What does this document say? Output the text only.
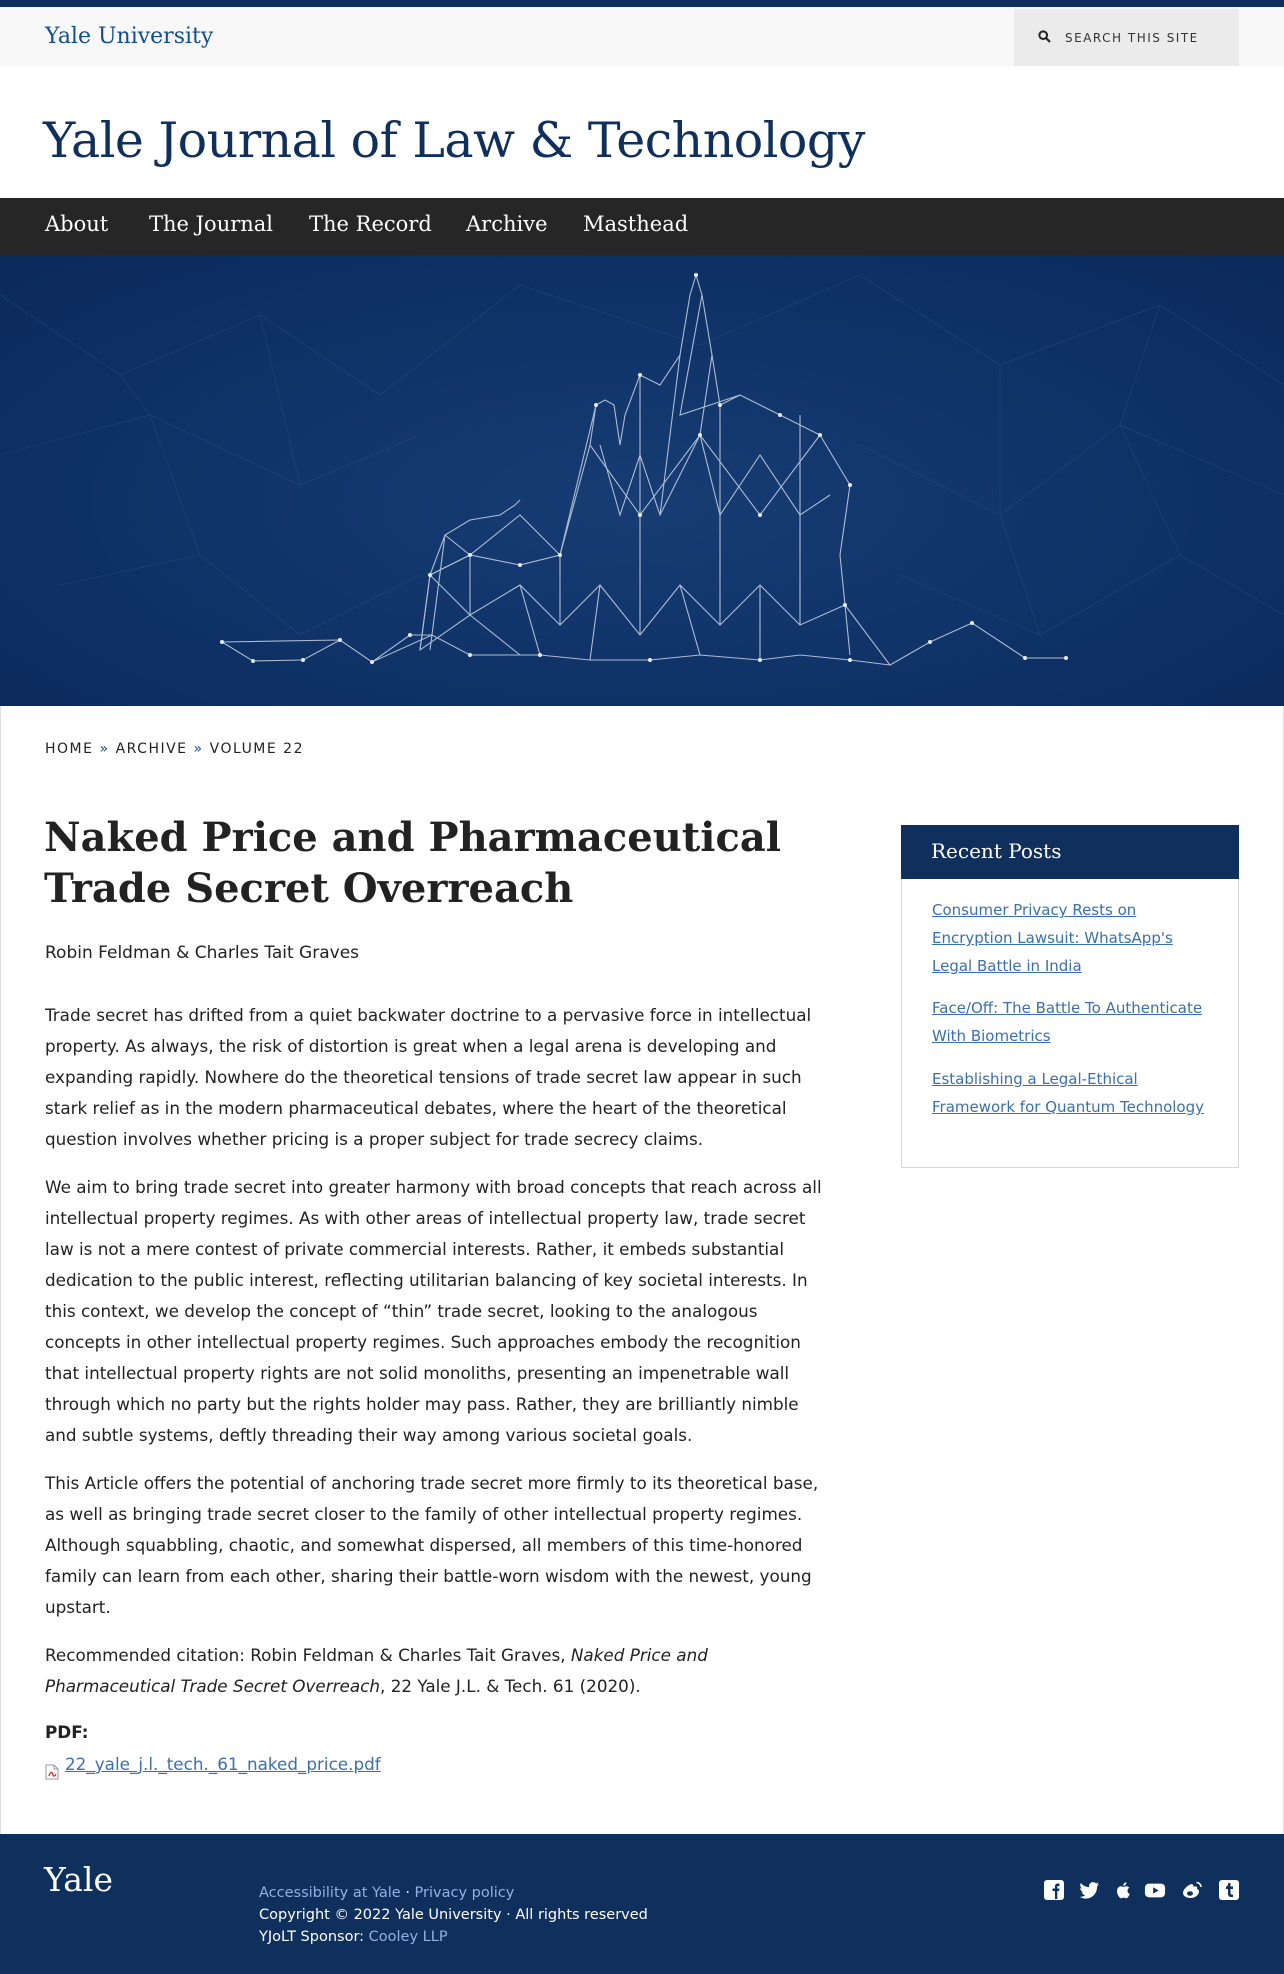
Yale University	SEARCH THIS SITE
Yale Journal of Law & Technology
About The Journal The Record Archive Masthead
HOME » ARCHIVE » VOLUME 22
Naked Price and Pharmaceutical Trade Secret Overreach
Robin Feldman & Charles Tait Graves

Trade secret has drifted from a quiet backwater doctrine to a pervasive force in intellectual property. As always, the risk of distortion is great when a legal arena is developing and expanding rapidly. Nowhere do the theoretical tensions of trade secret law appear in such stark relief as in the modern pharmaceutical debates, where the heart of the theoretical question involves whether pricing is a proper subject for trade secrecy claims.

We aim to bring trade secret into greater harmony with broad concepts that reach across all intellectual property regimes. As with other areas of intellectual property law, trade secret law is not a mere contest of private commercial interests. Rather, it embeds substantial dedication to the public interest, reflecting utilitarian balancing of key societal interests. In this context, we develop the concept of “thin” trade secret, looking to the analogous concepts in other intellectual property regimes. Such approaches embody the recognition that intellectual property rights are not solid monoliths, presenting an impenetrable wall through which no party but the rights holder may pass. Rather, they are brilliantly nimble and subtle systems, deftly threading their way among various societal goals.

This Article offers the potential of anchoring trade secret more firmly to its theoretical base, as well as bringing trade secret closer to the family of other intellectual property regimes. Although squabbling, chaotic, and somewhat dispersed, all members of this time-honored family can learn from each other, sharing their battle-worn wisdom with the newest, young upstart.

Recommended citation: Robin Feldman & Charles Tait Graves, Naked Price and Pharmaceutical Trade Secret Overreach, 22 Yale J.L. & Tech. 61 (2020).

PDF:
22_yale_j.l._tech._61_naked_price.pdf
Recent Posts
Consumer Privacy Rests on Encryption Lawsuit: WhatsApp's Legal Battle in India
Face/Off: The Battle To Authenticate With Biometrics
Establishing a Legal-Ethical Framework for Quantum Technology
Yale	Accessibility at Yale · Privacy policy
Copyright © 2022 Yale University · All rights reserved
YJoLT Sponsor: Cooley LLP
